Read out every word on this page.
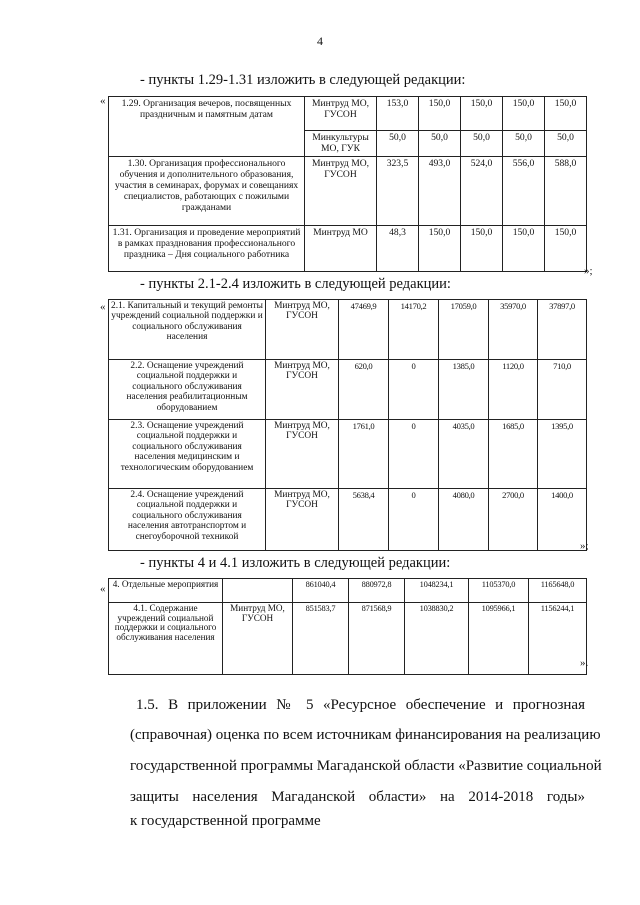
4
- пункты 1.29-1.31 изложить в следующей редакции:
« 1.29. Организация вечеров, посвященных праздничным и памятным датам	Минтруд МО, ГУСОН	153,0	150,0	150,0	150,0	150,0
	Минкультуры МО, ГУК	50,0	50,0	50,0	50,0	50,0
1.30. Организация профессионального обучения и дополнительного образования, участия в семинарах, форумах и совещаниях специалистов, работающих с пожилыми гражданами	Минтруд МО, ГУСОН	323,5	493,0	524,0	556,0	588,0
1.31. Организация и проведение мероприятий в рамках празднования профессионального праздника – Дня социального работника	Минтруд МО	48,3	150,0	150,0	150,0	150,0
»;
- пункты 2.1-2.4 изложить в следующей редакции:
« 2.1. Капитальный и текущий ремонты учреждений социальной поддержки и социального обслуживания населения	Минтруд МО, ГУСОН	47469,9	14170,2	17059,0	35970,0	37897,0
2.2. Оснащение учреждений социальной поддержки и социального обслуживания населения реабилитационным оборудованием	Минтруд МО, ГУСОН	620,0	0	1385,0	1120,0	710,0
2.3. Оснащение учреждений социальной поддержки и социального обслуживания населения медицинским и технологическим оборудованием	Минтруд МО, ГУСОН	1761,0	0	4035,0	1685,0	1395,0
2.4. Оснащение учреждений социальной поддержки и социального обслуживания населения автотранспортом и снегоуборочной техникой	Минтруд МО, ГУСОН	5638,4	0	4080,0	2700,0	1400,0
»;
- пункты 4 и 4.1 изложить в следующей редакции:
« 4. Отдельные мероприятия		861040,4	880972,8	1048234,1	1105370,0	1165648,0
4.1. Содержание учреждений социальной поддержки и социального обслуживания населения	Минтруд МО, ГУСОН	851583,7	871568,9	1038830,2	1095966,1	1156244,1
».
1.5. В приложении № 5 «Ресурсное обеспечение и прогнозная
(справочная) оценка по всем источникам финансирования на реализацию
государственной программы Магаданской области «Развитие социальной
защиты населения Магаданской области» на 2014-2018 годы»
к государственной программе
